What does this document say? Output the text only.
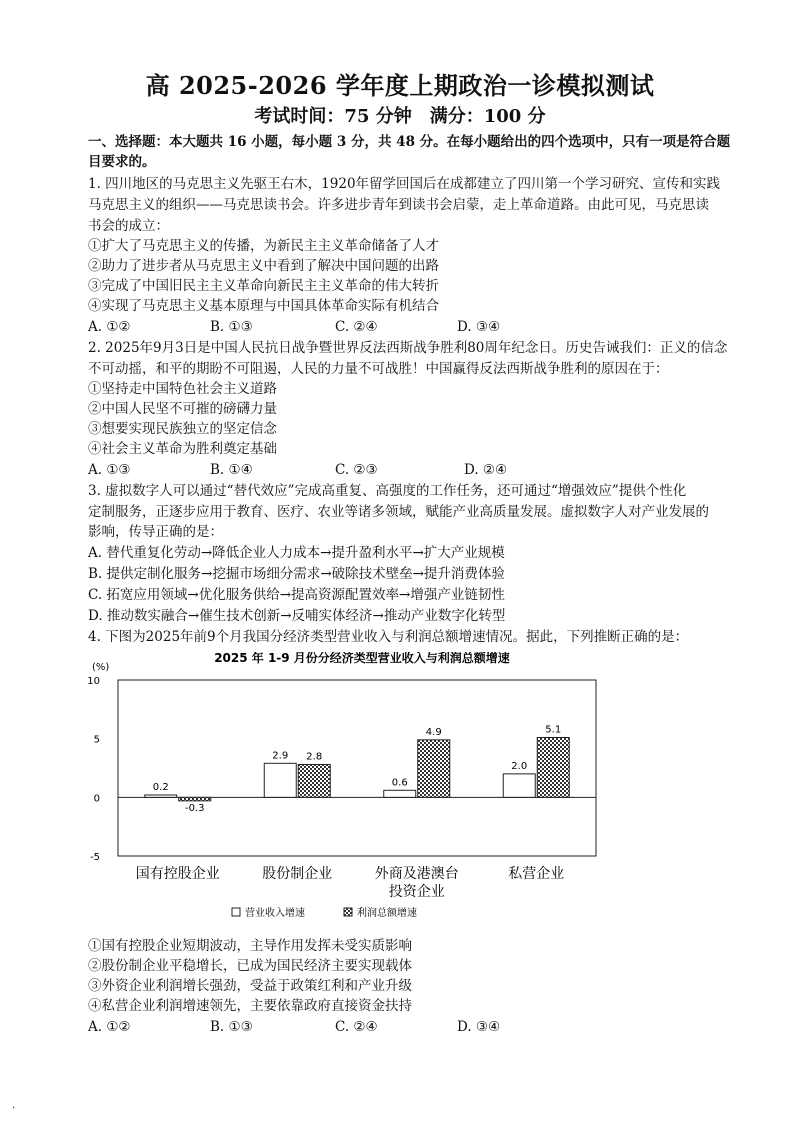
高 2025-2026 学年度上期政治一诊模拟测试
考试时间：75 分钟　满分：100 分
一、选择题：本大题共 16 小题，每小题 3 分，共 48 分。在每小题给出的四个选项中，只有一项是符合题
目要求的。
1. 四川地区的马克思主义先驱王右木，1920年留学回国后在成都建立了四川第一个学习研究、宣传和实践
马克思主义的组织——马克思读书会。许多进步青年到读书会启蒙，走上革命道路。由此可见，马克思读
书会的成立：
①扩大了马克思主义的传播，为新民主主义革命储备了人才
②助力了进步者从马克思主义中看到了解决中国问题的出路
③完成了中国旧民主主义革命向新民主主义革命的伟大转折
④实现了马克思主义基本原理与中国具体革命实际有机结合
A. ①②	B. ①③	C. ②④	D. ③④
2. 2025年9月3日是中国人民抗日战争暨世界反法西斯战争胜利80周年纪念日。历史告诫我们：正义的信念
不可动摇，和平的期盼不可阻遏，人民的力量不可战胜！中国赢得反法西斯战争胜利的原因在于：
①坚持走中国特色社会主义道路
②中国人民坚不可摧的磅礴力量
③想要实现民族独立的坚定信念
④社会主义革命为胜利奠定基础
A. ①③	B. ①④	C. ②③	D. ②④
3. 虚拟数字人可以通过“替代效应”完成高重复、高强度的工作任务，还可通过“增强效应”提供个性化
定制服务，正逐步应用于教育、医疗、农业等诸多领域，赋能产业高质量发展。虚拟数字人对产业发展的
影响，传导正确的是：
A. 替代重复化劳动→降低企业人力成本→提升盈利水平→扩大产业规模
B. 提供定制化服务→挖掘市场细分需求→破除技术壁垒→提升消费体验
C. 拓宽应用领域→优化服务供给→提高资源配置效率→增强产业链韧性
D. 推动数实融合→催生技术创新→反哺实体经济→推动产业数字化转型
4. 下图为2025年前9个月我国分经济类型营业收入与利润总额增速情况。据此，下列推断正确的是：
2025 年 1-9 月份分经济类型营业收入与利润总额增速
(%)
10
5
0
-5
0.2
-0.3
国有控股企业
2.9 2.8
股份制企业
0.6
4.9
外商及港澳台
投资企业
2.0
5.1
私营企业
营业收入增速	利润总额增速
①国有控股企业短期波动，主导作用发挥未受实质影响
②股份制企业平稳增长，已成为国民经济主要实现载体
③外资企业利润增长强劲，受益于政策红利和产业升级
④私营企业利润增速领先，主要依靠政府直接资金扶持
A. ①②	B. ①③	C. ②④	D. ③④
.
